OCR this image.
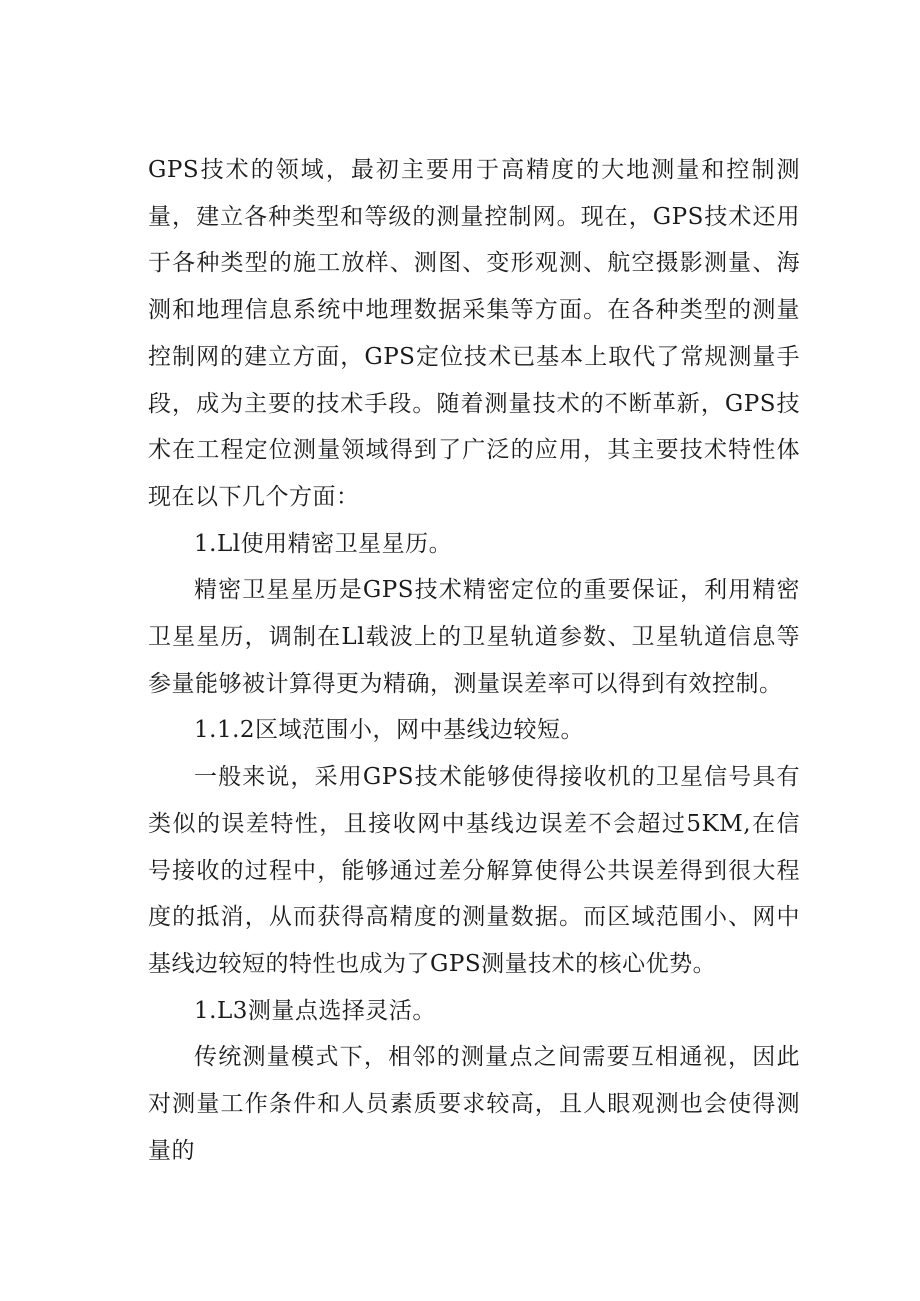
GPS技术的领域，最初主要用于高精度的大地测量和控制测量，建立各种类型和等级的测量控制网。现在，GPS技术还用于各种类型的施工放样、测图、变形观测、航空摄影测量、海测和地理信息系统中地理数据采集等方面。在各种类型的测量控制网的建立方面，GPS定位技术已基本上取代了常规测量手段，成为主要的技术手段。随着测量技术的不断革新，GPS技术在工程定位测量领域得到了广泛的应用，其主要技术特性体现在以下几个方面：

1.Ll使用精密卫星星历。

精密卫星星历是GPS技术精密定位的重要保证，利用精密卫星星历，调制在Ll载波上的卫星轨道参数、卫星轨道信息等参量能够被计算得更为精确，测量误差率可以得到有效控制。

1.1.2区域范围小，网中基线边较短。

一般来说，采用GPS技术能够使得接收机的卫星信号具有类似的误差特性，且接收网中基线边误差不会超过5KM,在信号接收的过程中，能够通过差分解算使得公共误差得到很大程度的抵消，从而获得高精度的测量数据。而区域范围小、网中基线边较短的特性也成为了GPS测量技术的核心优势。

1.L3测量点选择灵活。

传统测量模式下，相邻的测量点之间需要互相通视，因此对测量工作条件和人员素质要求较高，且人眼观测也会使得测量的
